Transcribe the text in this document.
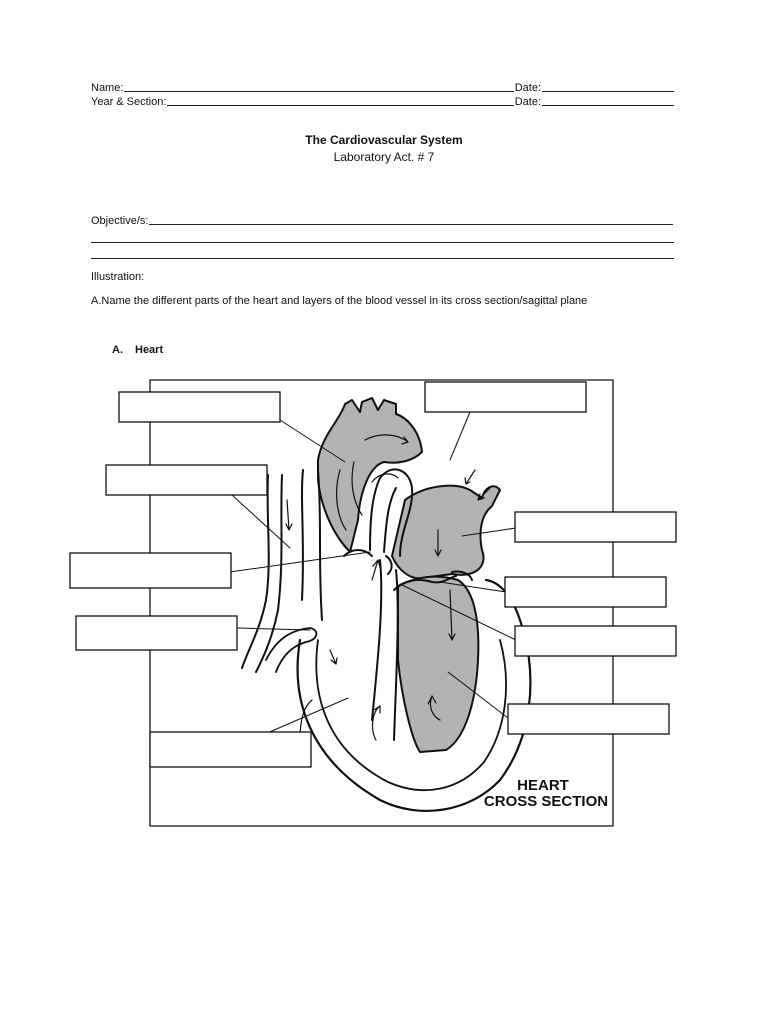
Name:	Date:
Year & Section:	Date:
The Cardiovascular System
Laboratory Act. # 7
Objective/s:
Illustration:
A.Name the different parts of the heart and layers of the blood vessel in its cross section/sagittal plane
A. Heart
HEART
CROSS SECTION
